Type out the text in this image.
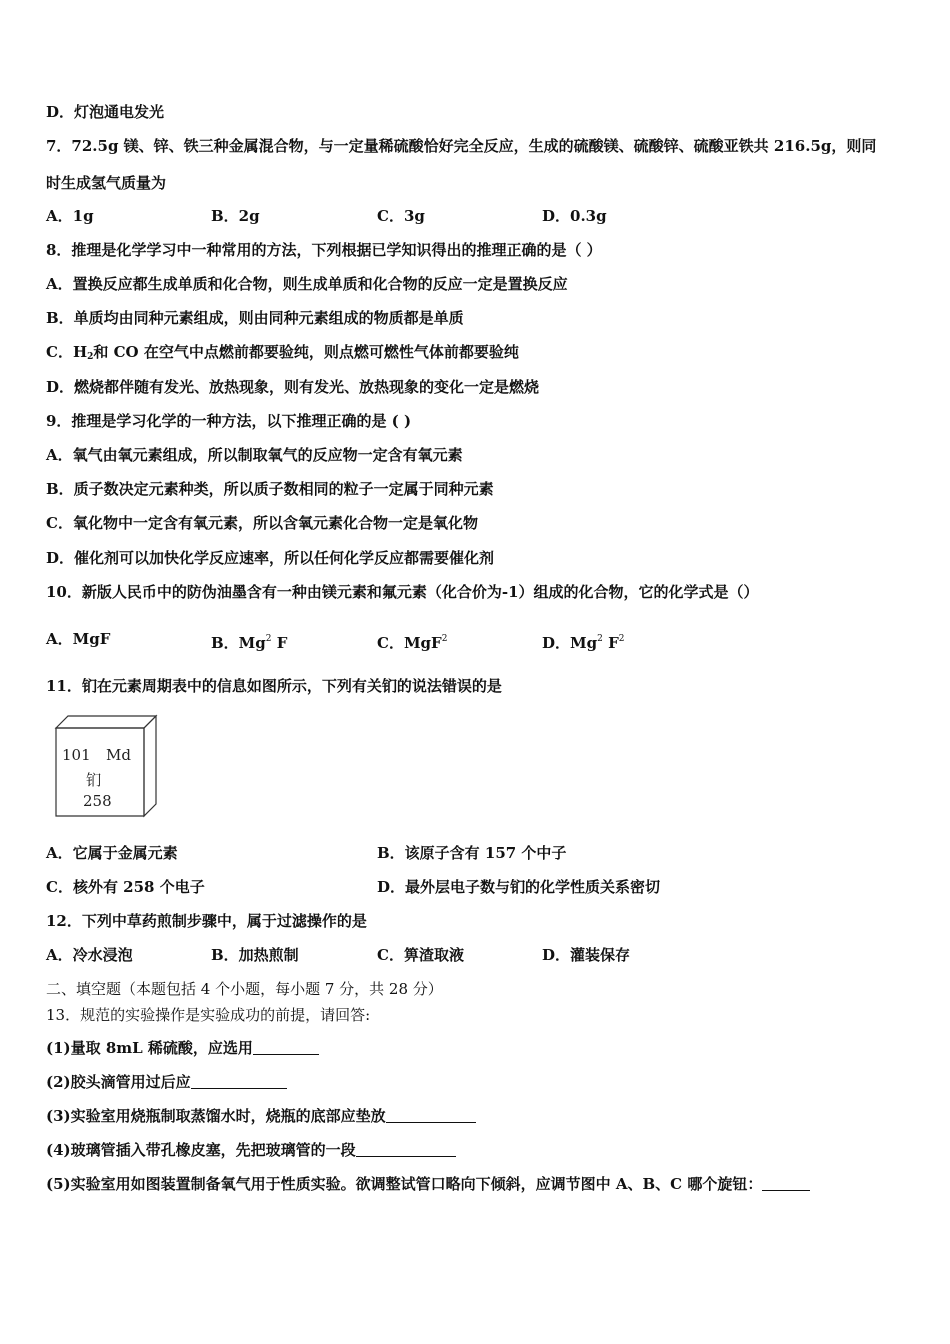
D．灯泡通电发光
7．72.5g 镁、锌、铁三种金属混合物，与一定量稀硫酸恰好完全反应，生成的硫酸镁、硫酸锌、硫酸亚铁共 216.5g，则同
时生成氢气质量为
A．1g	B．2g	C．3g	D．0.3g
8．推理是化学学习中一种常用的方法，下列根据已学知识得出的推理正确的是（ ）
A．置换反应都生成单质和化合物，则生成单质和化合物的反应一定是置换反应
B．单质均由同种元素组成，则由同种元素组成的物质都是单质
C．$H_2$和 CO 在空气中点燃前都要验纯，则点燃可燃性气体前都要验纯
D．燃烧都伴随有发光、放热现象，则有发光、放热现象的变化一定是燃烧
9．推理是学习化学的一种方法，以下推理正确的是 ( )
A．氧气由氧元素组成，所以制取氧气的反应物一定含有氧元素
B．质子数决定元素种类，所以质子数相同的粒子一定属于同种元素
C．氧化物中一定含有氧元素，所以含氧元素化合物一定是氧化物
D．催化剂可以加快化学反应速率，所以任何化学反应都需要催化剂
10．新版人民币中的防伪油墨含有一种由镁元素和氟元素（化合价为-1）组成的化合物，它的化学式是（）
A．MgF	B．Mg$^2$ F	C．MgF$^2$	D．Mg$^2$ $F^2$
11．钔在元素周期表中的信息如图所示，下列有关钔的说法错误的是
101 Md
钔
258
A．它属于金属元素	B．该原子含有 157 个中子
C．核外有 258 个电子	D．最外层电子数与钔的化学性质关系密切
12．下列中草药煎制步骤中，属于过滤操作的是
A．冷水浸泡	B．加热煎制	C．箅渣取液	D．灌装保存
二、填空题（本题包括 4 个小题，每小题 7 分，共 28 分）
13．规范的实验操作是实验成功的前提，请回答:
(1)量取 8mL 稀硫酸，应选用
(2)胶头滴管用过后应
(3)实验室用烧瓶制取蒸馏水时，烧瓶的底部应垫放
(4)玻璃管插入带孔橡皮塞，先把玻璃管的一段
(5)实验室用如图装置制备氧气用于性质实验。欲调整试管口略向下倾斜，应调节图中 A、B、C 哪个旋钮：
